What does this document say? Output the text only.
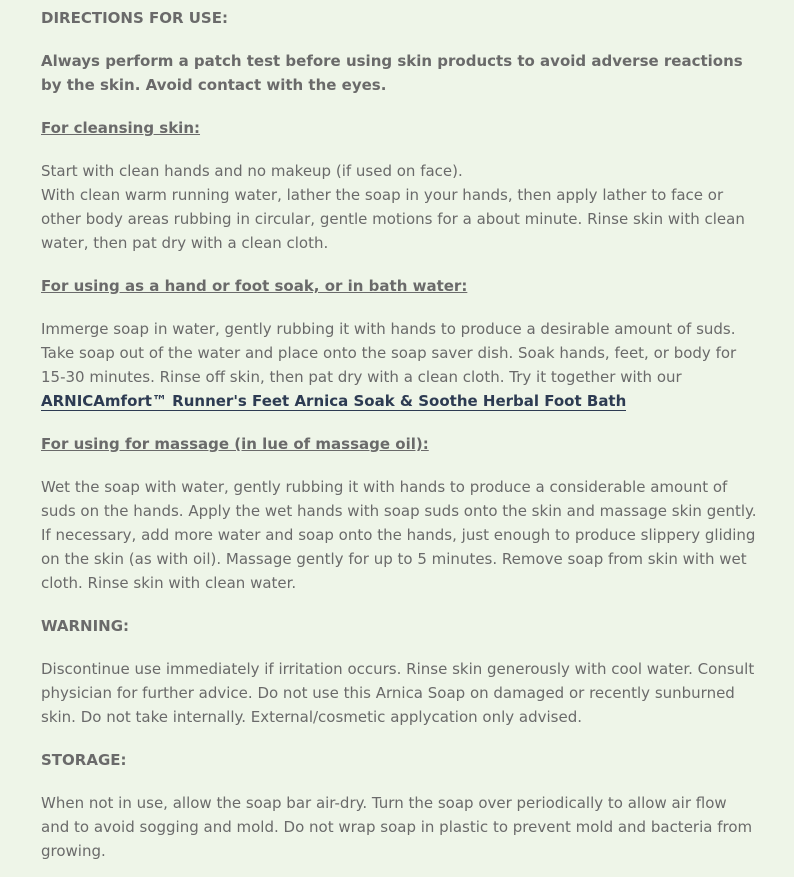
DIRECTIONS FOR USE:

Always perform a patch test before using skin products to avoid adverse reactions by the skin. Avoid contact with the eyes.

For cleansing skin:

Start with clean hands and no makeup (if used on face).

With clean warm running water, lather the soap in your hands, then apply lather to face or other body areas rubbing in circular, gentle motions for a about minute. Rinse skin with clean water, then pat dry with a clean cloth.

For using as a hand or foot soak, or in bath water:

Immerge soap in water, gently rubbing it with hands to produce a desirable amount of suds. Take soap out of the water and place onto the soap saver dish. Soak hands, feet, or body for 15-30 minutes. Rinse off skin, then pat dry with a clean cloth. Try it together with our ARNICAmfort™ Runner's Feet Arnica Soak & Soothe Herbal Foot Bath

For using for massage (in lue of massage oil):

Wet the soap with water, gently rubbing it with hands to produce a considerable amount of suds on the hands. Apply the wet hands with soap suds onto the skin and massage skin gently. If necessary, add more water and soap onto the hands, just enough to produce slippery gliding on the skin (as with oil). Massage gently for up to 5 minutes. Remove soap from skin with wet cloth. Rinse skin with clean water.

WARNING:

Discontinue use immediately if irritation occurs. Rinse skin generously with cool water. Consult physician for further advice. Do not use this Arnica Soap on damaged or recently sunburned skin. Do not take internally. External/cosmetic applycation only advised.

STORAGE:

When not in use, allow the soap bar air-dry. Turn the soap over periodically to allow air flow and to avoid sogging and mold. Do not wrap soap in plastic to prevent mold and bacteria from growing.
